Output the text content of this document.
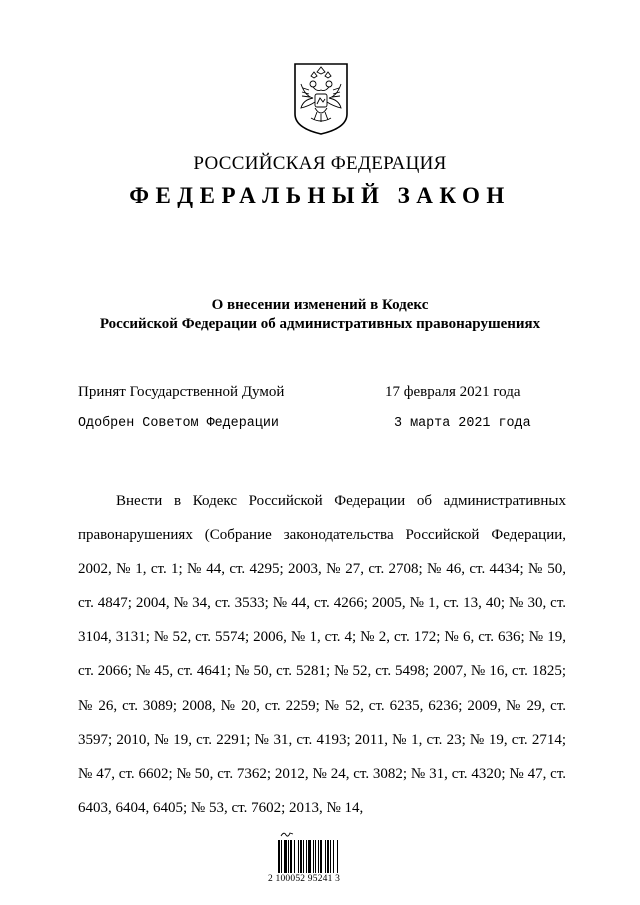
РОССИЙСКАЯ ФЕДЕРАЦИЯ
ФЕДЕРАЛЬНЫЙ ЗАКОН
О внесении изменений в Кодекс
Российской Федерации об административных правонарушениях
Принят Государственной Думой	17 февраля 2021 года
Одобрен Советом Федерации	3 марта 2021 года

Внести в Кодекс Российской Федерации об административных правонарушениях (Собрание законодательства Российской Федерации, 2002, № 1, ст. 1; № 44, ст. 4295; 2003, № 27, ст. 2708; № 46, ст. 4434; № 50, ст. 4847; 2004, № 34, ст. 3533; № 44, ст. 4266; 2005, № 1, ст. 13, 40; № 30, ст. 3104, 3131; № 52, ст. 5574; 2006, № 1, ст. 4; № 2, ст. 172; № 6, ст. 636; № 19, ст. 2066; № 45, ст. 4641; № 50, ст. 5281; № 52, ст. 5498; 2007, № 16, ст. 1825; № 26, ст. 3089; 2008, № 20, ст. 2259; № 52, ст. 6235, 6236; 2009, № 29, ст. 3597; 2010, № 19, ст. 2291; № 31, ст. 4193; 2011, № 1, ст. 23; № 19, ст. 2714; № 47, ст. 6602; № 50, ст. 7362; 2012, № 24, ст. 3082; № 31, ст. 4320; № 47, ст. 6403, 6404, 6405; № 53, ст. 7602; 2013, № 14,

2 100052 95241 3
